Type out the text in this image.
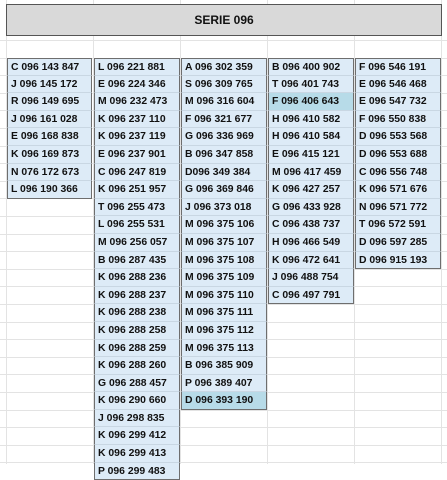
SERIE 096
C 096 143 847
J 096 145 172
R 096 149 695
J 096 161 028
E 096 168 838
K 096 169 873
N 076 172 673
L 096 190 366
L 096 221 881
E 096 224 346
M 096 232 473
K 096 237 110
K 096 237 119
E 096 237 901
C 096 247 819
K 096 251 957
T 096 255 473
L 096 255 531
M 096 256 057
B 096 287 435
K 096 288 236
K 096 288 237
K 096 288 238
K 096 288 258
K 096 288 259
K 096 288 260
G 096 288 457
K 096 290 660
J 096 298 835
K 096 299 412
K 096 299 413
P 096 299 483
A 096 302 359
S 096 309 765
M 096 316 604
F 096 321 677
G 096 336 969
B 096 347 858
D096 349 384
G 096 369 846
J 096 373 018
M 096 375 106
M 096 375 107
M 096 375 108
M 096 375 109
M 096 375 110
M 096 375 111
M 096 375 112
M 096 375 113
B 096 385 909
P 096 389 407
D 096 393 190
B 096 400 902
T 096 401 743
F 096 406 643
H 096 410 582
H 096 410 584
E 096 415 121
M 096 417 459
K 096 427 257
G 096 433 928
C 096 438 737
H 096 466 549
K 096 472 641
J 096 488 754
C 096 497 791
F 096 546 191
E 096 546 468
E 096 547 732
F 096 550 838
D 096 553 568
D 096 553 688
C 096 556 748
K 096 571 676
N 096 571 772
T 096 572 591
D 096 597 285
D 096 915 193
